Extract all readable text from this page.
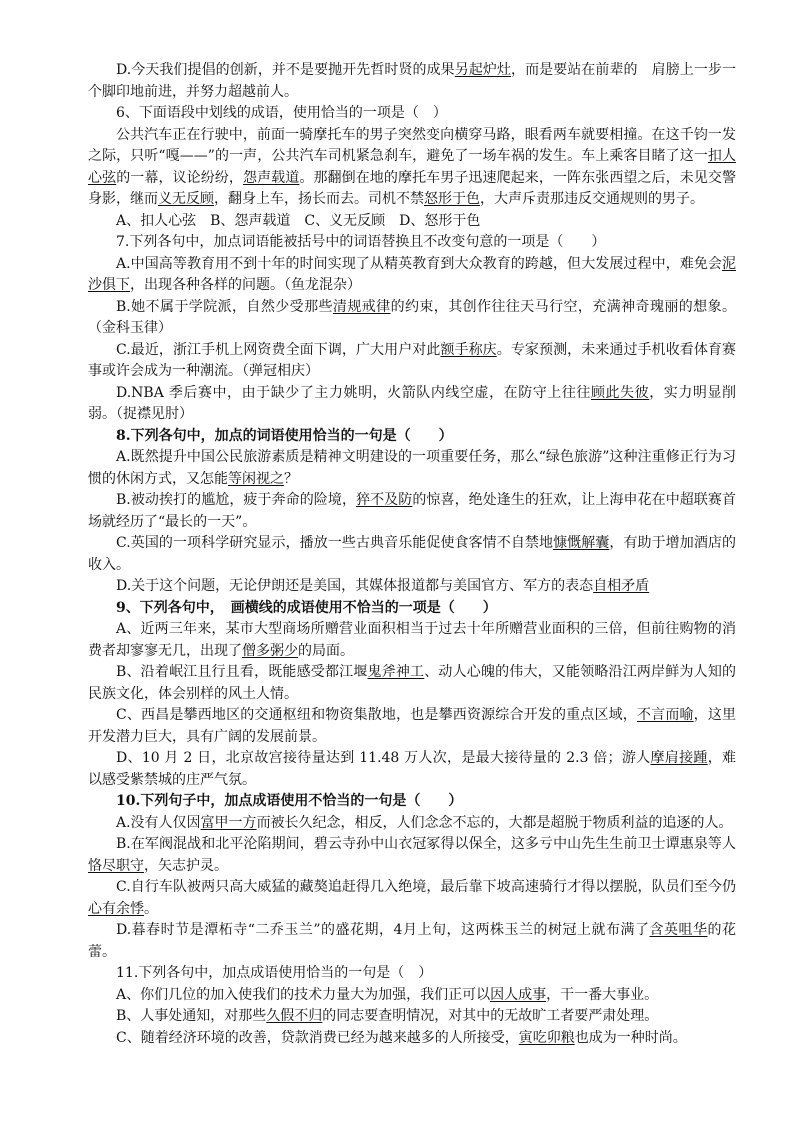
D.今天我们提倡的创新，并不是要抛开先哲时贤的成果另起炉灶，而是要站在前辈的　肩膀上一步一个脚印地前进，并努力超越前人。

6、下面语段中划线的成语，使用恰当的一项是（　）

公共汽车正在行驶中，前面一骑摩托车的男子突然变向横穿马路，眼看两车就要相撞。在这千钧一发之际，只听“嘎——”的一声，公共汽车司机紧急刹车，避免了一场车祸的发生。车上乘客目睹了这一扣人心弦的一幕，议论纷纷，怨声载道。那翻倒在地的摩托车男子迅速爬起来，一阵东张西望之后，未见交警身影，继而义无反顾，翻身上车，扬长而去。司机不禁怒形于色，大声斥责那违反交通规则的男子。

A、扣人心弦　B、怨声载道　C、义无反顾　D、怒形于色

7.下列各句中，加点词语能被括号中的词语替换且不改变句意的一项是（　　）

A.中国高等教育用不到十年的时间实现了从精英教育到大众教育的跨越，但大发展过程中，难免会泥沙俱下，出现各种各样的问题。（鱼龙混杂）

B.她不属于学院派，自然少受那些清规戒律的约束，其创作往往天马行空，充满神奇瑰丽的想象。（金科玉律）

C.最近，浙江手机上网资费全面下调，广大用户对此额手称庆。专家预测，未来通过手机收看体育赛事或许会成为一种潮流。（弹冠相庆）

D.NBA 季后赛中，由于缺少了主力姚明，火箭队内线空虚，在防守上往往顾此失彼，实力明显削弱。（捉襟见肘）

8.下列各句中，加点的词语使用恰当的一句是（　　）

A.既然提升中国公民旅游素质是精神文明建设的一项重要任务，那么“绿色旅游”这种注重修正行为习惯的休闲方式，又怎能等闲视之？

B.被动挨打的尴尬，疲于奔命的险境，猝不及防的惊喜，绝处逢生的狂欢，让上海申花在中超联赛首场就经历了“最长的一天”。

C.英国的一项科学研究显示，播放一些古典音乐能促使食客情不自禁地慷慨解囊，有助于增加酒店的收入。

D.关于这个问题，无论伊朗还是美国，其媒体报道都与美国官方、军方的表态自相矛盾

9、下列各句中，　画横线的成语使用不恰当的一项是（　　）

A、近两三年来，某市大型商场所赠营业面积相当于过去十年所赠营业面积的三倍，但前往购物的消费者却寥寥无几，出现了僧多粥少的局面。

B、沿着岷江且行且看，既能感受都江堰鬼斧神工、动人心魄的伟大，又能领略沿江两岸鲜为人知的民族文化，体会别样的风土人情。

C、西昌是攀西地区的交通枢纽和物资集散地，也是攀西资源综合开发的重点区域，不言而喻，这里开发潜力巨大，具有广阔的发展前景。

D、10 月 2 日，北京故宫接待量达到 11.48 万人次，是最大接待量的 2.3 倍；游人摩肩接踵，难以感受紫禁城的庄严气氛。

10.下列句子中，加点成语使用不恰当的一句是（　　）

A.没有人仅因富甲一方而被长久纪念，相反，人们念念不忘的，大都是超脱于物质利益的追逐的人。

B.在军阀混战和北平沦陷期间，碧云寺孙中山衣冠冢得以保全，这多亏中山先生生前卫士谭惠泉等人恪尽职守，矢志护灵。

C.自行车队被两只高大威猛的藏獒追赶得几入绝境，最后靠下坡高速骑行才得以摆脱，队员们至今仍心有余悸。

D.暮春时节是潭柘寺“二乔玉兰”的盛花期，4月上旬，这两株玉兰的树冠上就布满了含英咀华的花蕾。

11.下列各句中，加点成语使用恰当的一句是（　）

A、你们几位的加入使我们的技术力量大为加强，我们正可以因人成事，干一番大事业。

B、人事处通知，对那些久假不归的同志要查明情况，对其中的无故旷工者要严肃处理。

C、随着经济环境的改善，贷款消费已经为越来越多的人所接受，寅吃卯粮也成为一种时尚。
